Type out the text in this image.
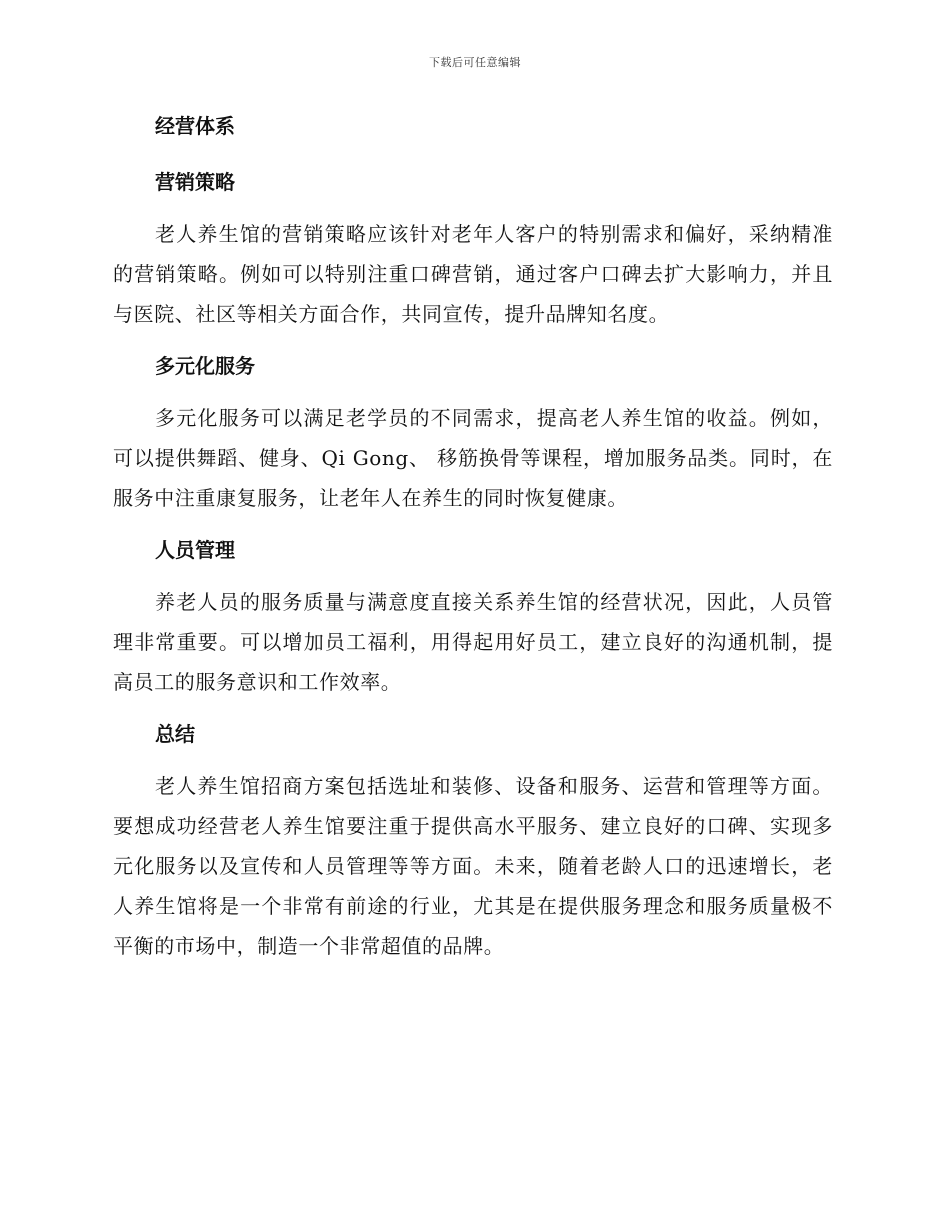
下载后可任意编辑
经营体系
营销策略

老人养生馆的营销策略应该针对老年人客户的特别需求和偏好，采纳精准的营销策略。例如可以特别注重口碑营销，通过客户口碑去扩大影响力，并且与医院、社区等相关方面合作，共同宣传，提升品牌知名度。

多元化服务

多元化服务可以满足老学员的不同需求，提高老人养生馆的收益。例如，可以提供舞蹈、健身、Qi Gong、 移筋换骨等课程，增加服务品类。同时，在服务中注重康复服务，让老年人在养生的同时恢复健康。

人员管理

养老人员的服务质量与满意度直接关系养生馆的经营状况，因此，人员管理非常重要。可以增加员工福利，用得起用好员工，建立良好的沟通机制，提高员工的服务意识和工作效率。

总结

老人养生馆招商方案包括选址和装修、设备和服务、运营和管理等方面。要想成功经营老人养生馆要注重于提供高水平服务、建立良好的口碑、实现多元化服务以及宣传和人员管理等等方面。未来，随着老龄人口的迅速增长，老人养生馆将是一个非常有前途的行业，尤其是在提供服务理念和服务质量极不平衡的市场中，制造一个非常超值的品牌。
